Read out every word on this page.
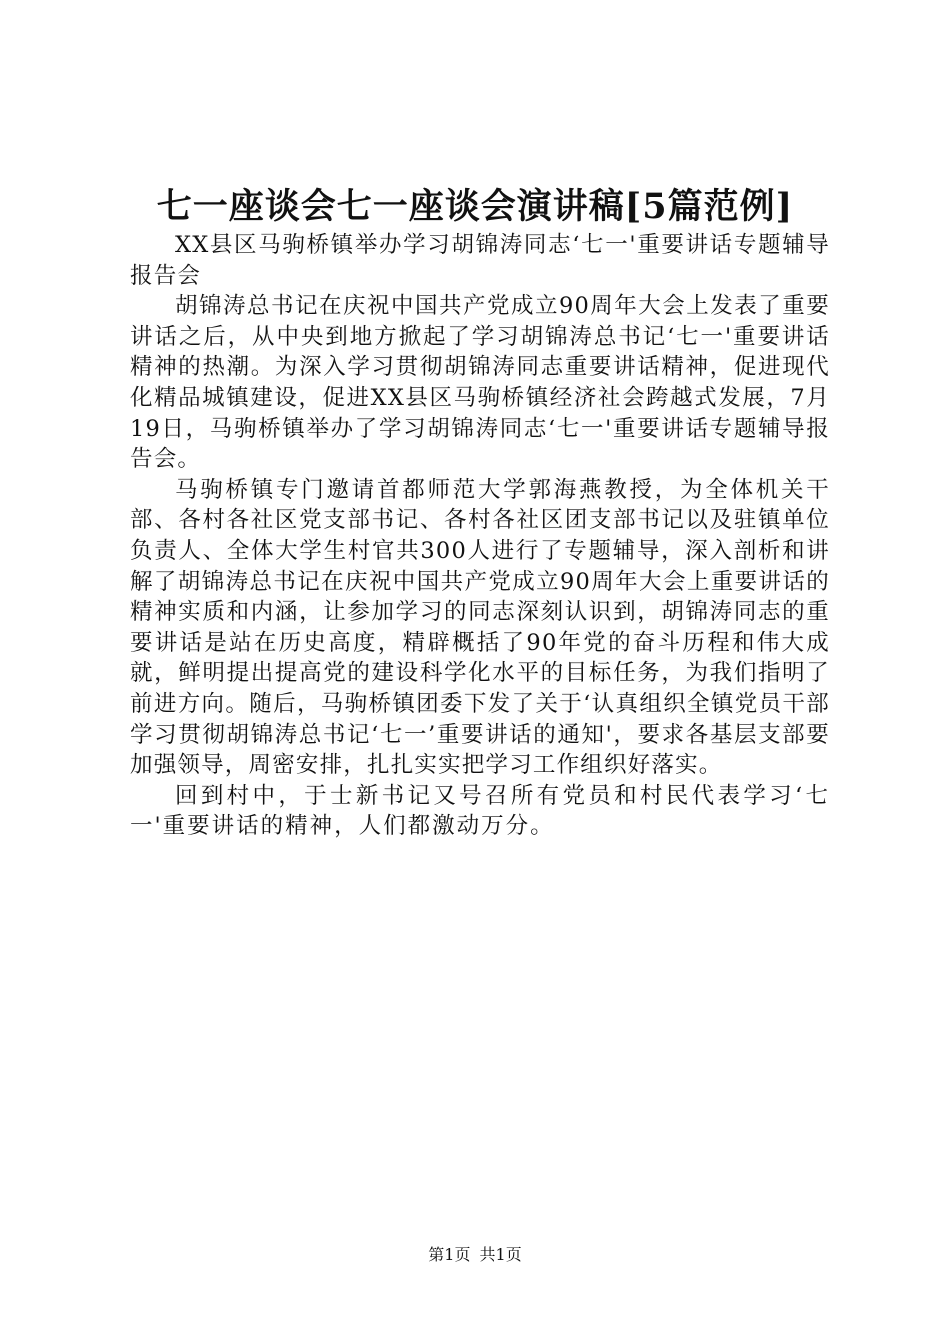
七一座谈会七一座谈会演讲稿[5篇范例]

XX县区马驹桥镇举办学习胡锦涛同志‘七一'重要讲话专题辅导报告会

胡锦涛总书记在庆祝中国共产党成立90周年大会上发表了重要讲话之后，从中央到地方掀起了学习胡锦涛总书记‘七一'重要讲话精神的热潮。为深入学习贯彻胡锦涛同志重要讲话精神，促进现代化精品城镇建设，促进XX县区马驹桥镇经济社会跨越式发展，7月19日，马驹桥镇举办了学习胡锦涛同志‘七一'重要讲话专题辅导报告会。

马驹桥镇专门邀请首都师范大学郭海燕教授，为全体机关干部、各村各社区党支部书记、各村各社区团支部书记以及驻镇单位负责人、全体大学生村官共300人进行了专题辅导，深入剖析和讲解了胡锦涛总书记在庆祝中国共产党成立90周年大会上重要讲话的精神实质和内涵，让参加学习的同志深刻认识到，胡锦涛同志的重要讲话是站在历史高度，精辟概括了90年党的奋斗历程和伟大成就，鲜明提出提高党的建设科学化水平的目标任务，为我们指明了前进方向。随后，马驹桥镇团委下发了关于‘认真组织全镇党员干部学习贯彻胡锦涛总书记‘七一’重要讲话的通知'，要求各基层支部要加强领导，周密安排，扎扎实实把学习工作组织好落实。

回到村中，于士新书记又号召所有党员和村民代表学习‘七一'重要讲话的精神，人们都激动万分。

第1页 共1页
